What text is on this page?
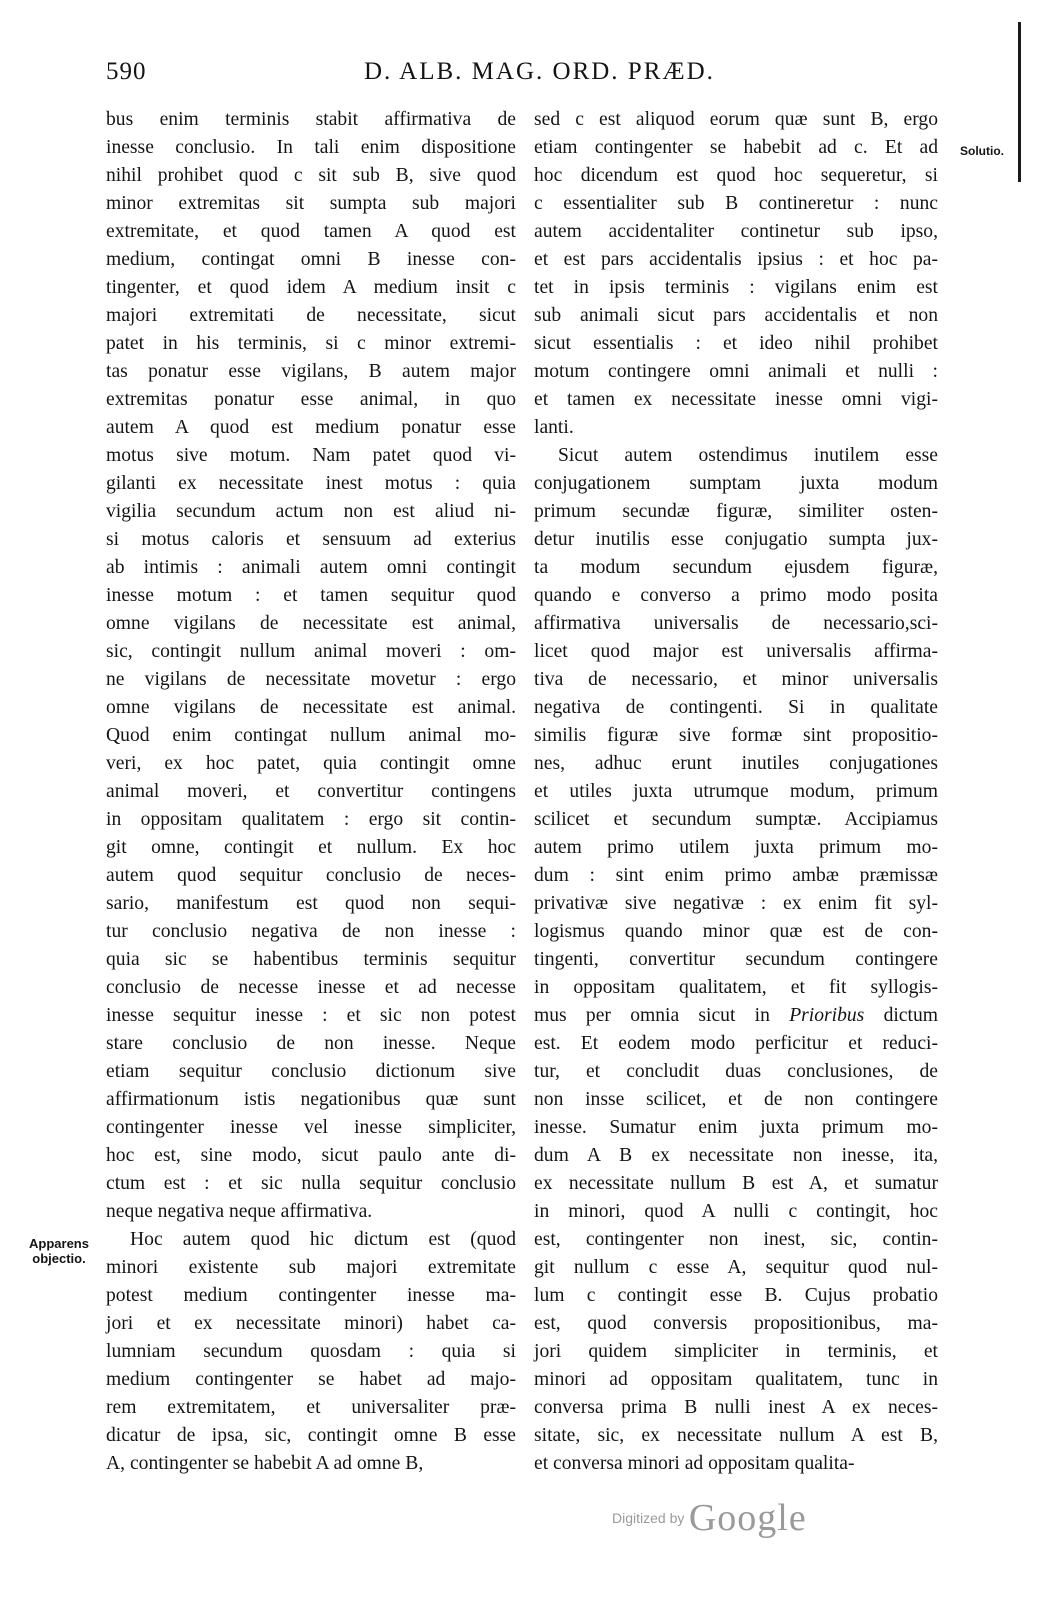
590	D. ALB. MAG. ORD. PRÆD.
Solutio.
Apparens objectio.
bus enim terminis stabit affirmativa de
inesse conclusio. In tali enim dispositione
nihil prohibet quod c sit sub B, sive quod
minor extremitas sit sumpta sub majori
extremitate, et quod tamen A quod est
medium, contingat omni B inesse con-
tingenter, et quod idem A medium insit c
majori extremitati de necessitate, sicut
patet in his terminis, si c minor extremi-
tas ponatur esse vigilans, B autem major
extremitas ponatur esse animal, in quo
autem A quod est medium ponatur esse
motus sive motum. Nam patet quod vi-
gilanti ex necessitate inest motus : quia
vigilia secundum actum non est aliud ni-
si motus caloris et sensuum ad exterius
ab intimis : animali autem omni contingit
inesse motum : et tamen sequitur quod
omne vigilans de necessitate est animal,
sic, contingit nullum animal moveri : om-
ne vigilans de necessitate movetur : ergo
omne vigilans de necessitate est animal.
Quod enim contingat nullum animal mo-
veri, ex hoc patet, quia contingit omne
animal moveri, et convertitur contingens
in oppositam qualitatem : ergo sit contin-
git omne, contingit et nullum. Ex hoc
autem quod sequitur conclusio de neces-
sario, manifestum est quod non sequi-
tur conclusio negativa de non inesse :
quia sic se habentibus terminis sequitur
conclusio de necesse inesse et ad necesse
inesse sequitur inesse : et sic non potest
stare conclusio de non inesse. Neque
etiam sequitur conclusio dictionum sive
affirmationum istis negationibus quæ sunt
contingenter inesse vel inesse simpliciter,
hoc est, sine modo, sicut paulo ante di-
ctum est : et sic nulla sequitur conclusio
neque negativa neque affirmativa.
Hoc autem quod hic dictum est (quod
minori existente sub majori extremitate
potest medium contingenter inesse ma-
jori et ex necessitate minori) habet ca-
lumniam secundum quosdam : quia si
medium contingenter se habet ad majo-
rem extremitatem, et universaliter præ-
dicatur de ipsa, sic, contingit omne B esse
A, contingenter se habebit A ad omne B,
sed c est aliquod eorum quæ sunt B, ergo
etiam contingenter se habebit ad c. Et ad
hoc dicendum est quod hoc sequeretur, si
c essentialiter sub B contineretur : nunc
autem accidentaliter continetur sub ipso,
et est pars accidentalis ipsius : et hoc pa-
tet in ipsis terminis : vigilans enim est
sub animali sicut pars accidentalis et non
sicut essentialis : et ideo nihil prohibet
motum contingere omni animali et nulli :
et tamen ex necessitate inesse omni vigi-
lanti.
Sicut autem ostendimus inutilem esse
conjugationem sumptam juxta modum
primum secundæ figuræ, similiter osten-
detur inutilis esse conjugatio sumpta jux-
ta modum secundum ejusdem figuræ,
quando e converso a primo modo posita
affirmativa universalis de necessario,sci-
licet quod major est universalis affirma-
tiva de necessario, et minor universalis
negativa de contingenti. Si in qualitate
similis figuræ sive formæ sint propositio-
nes, adhuc erunt inutiles conjugationes
et utiles juxta utrumque modum, primum
scilicet et secundum sumptæ. Accipiamus
autem primo utilem juxta primum mo-
dum : sint enim primo ambæ præmissæ
privativæ sive negativæ : ex enim fit syl-
logismus quando minor quæ est de con-
tingenti, convertitur secundum contingere
in oppositam qualitatem, et fit syllogis-
mus per omnia sicut in Prioribus dictum
est. Et eodem modo perficitur et reduci-
tur, et concludit duas conclusiones, de
non insse scilicet, et de non contingere
inesse. Sumatur enim juxta primum mo-
dum A B ex necessitate non inesse, ita,
ex necessitate nullum B est A, et sumatur
in minori, quod A nulli c contingit, hoc
est, contingenter non inest, sic, contin-
git nullum c esse A, sequitur quod nul-
lum c contingit esse B. Cujus probatio
est, quod conversis propositionibus, ma-
jori quidem simpliciter in terminis, et
minori ad oppositam qualitatem, tunc in
conversa prima B nulli inest A ex neces-
sitate, sic, ex necessitate nullum A est B,
et conversa minori ad oppositam qualita-
Digitized by Google
